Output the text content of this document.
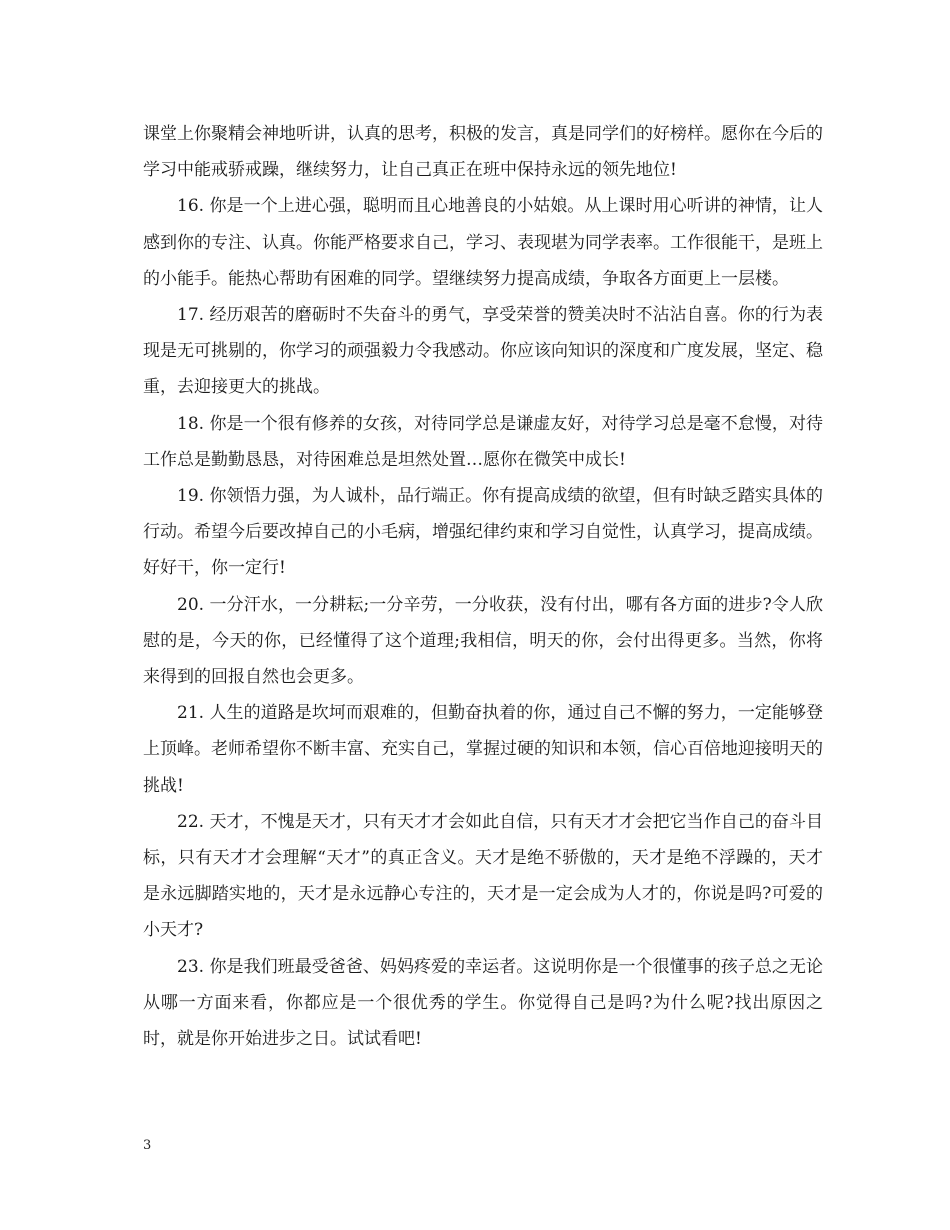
课堂上你聚精会神地听讲，认真的思考，积极的发言，真是同学们的好榜样。愿你在今后的学习中能戒骄戒躁，继续努力，让自己真正在班中保持永远的领先地位!

16. 你是一个上进心强，聪明而且心地善良的小姑娘。从上课时用心听讲的神情，让人感到你的专注、认真。你能严格要求自己，学习、表现堪为同学表率。工作很能干，是班上的小能手。能热心帮助有困难的同学。望继续努力提高成绩，争取各方面更上一层楼。

17. 经历艰苦的磨砺时不失奋斗的勇气，享受荣誉的赞美决时不沾沾自喜。你的行为表现是无可挑剔的，你学习的顽强毅力令我感动。你应该向知识的深度和广度发展，坚定、稳重，去迎接更大的挑战。

18. 你是一个很有修养的女孩，对待同学总是谦虚友好，对待学习总是毫不怠慢，对待工作总是勤勤恳恳，对待困难总是坦然处置…愿你在微笑中成长!

19. 你领悟力强，为人诚朴，品行端正。你有提高成绩的欲望，但有时缺乏踏实具体的行动。希望今后要改掉自己的小毛病，增强纪律约束和学习自觉性，认真学习，提高成绩。好好干，你一定行!

20. 一分汗水，一分耕耘;一分辛劳，一分收获，没有付出，哪有各方面的进步?令人欣慰的是，今天的你，已经懂得了这个道理;我相信，明天的你，会付出得更多。当然，你将来得到的回报自然也会更多。

21. 人生的道路是坎坷而艰难的，但勤奋执着的你，通过自己不懈的努力，一定能够登上顶峰。老师希望你不断丰富、充实自己，掌握过硬的知识和本领，信心百倍地迎接明天的挑战!

22. 天才，不愧是天才，只有天才才会如此自信，只有天才才会把它当作自己的奋斗目标，只有天才才会理解“天才”的真正含义。天才是绝不骄傲的，天才是绝不浮躁的，天才是永远脚踏实地的，天才是永远静心专注的，天才是一定会成为人才的，你说是吗?可爱的小天才?

23. 你是我们班最受爸爸、妈妈疼爱的幸运者。这说明你是一个很懂事的孩子总之无论从哪一方面来看，你都应是一个很优秀的学生。你觉得自己是吗?为什么呢?找出原因之时，就是你开始进步之日。试试看吧!

3
